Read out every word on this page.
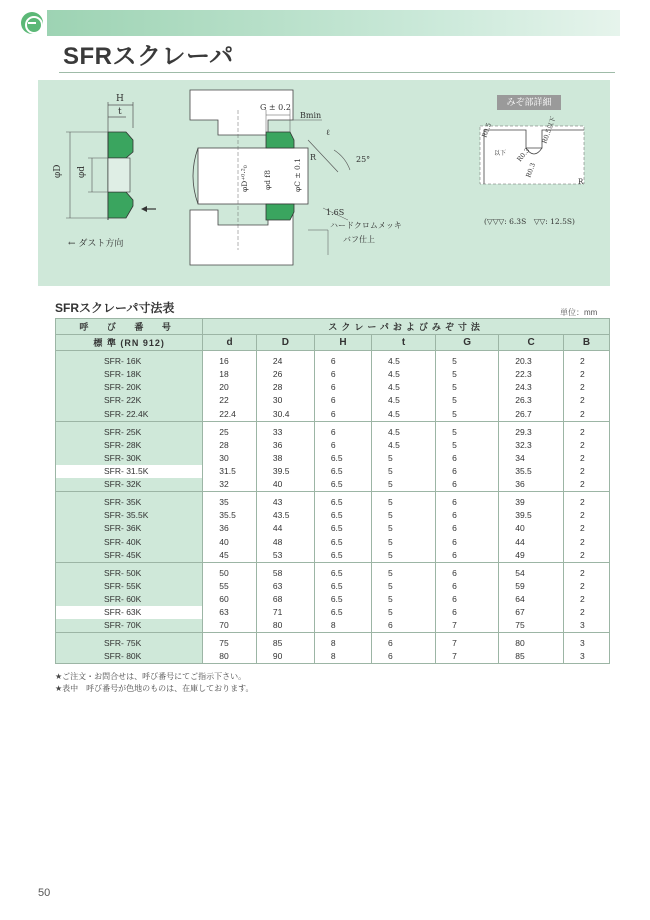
SFRスクレーパ
H
t
φD φd
← ダスト方向
G ± 0.2
Bmin
ℓ
R	25°
φD⁺⁰⋅²₀ φd f8	φC ± 0.1
1.6S
ハードクロムメッキ
バフ仕上
R0.5	R0.5以下
R0.3
R0.3
以下
R
(▽▽▽: 6.3S　▽▽: 12.5S)
みぞ部詳細
SFRスクレーパ寸法表	単位：mm
呼 び 番 号	スクレーパおよびみぞ寸法						
標 準 (RN 912)	d	D	H	t	G	C	B
SFR- 16K	16	24	6	4.5	5	20.3	2
SFR- 18K	18	26	6	4.5	5	22.3	2
SFR- 20K	20	28	6	4.5	5	24.3	2
SFR- 22K	22	30	6	4.5	5	26.3	2
SFR- 22.4K	22.4	30.4	6	4.5	5	26.7	2
SFR- 25K	25	33	6	4.5	5	29.3	2
SFR- 28K	28	36	6	4.5	5	32.3	2
SFR- 30K	30	38	6.5	5	6	34	2
SFR- 31.5K	31.5	39.5	6.5	5	6	35.5	2
SFR- 32K	32	40	6.5	5	6	36	2
SFR- 35K	35	43	6.5	5	6	39	2
SFR- 35.5K	35.5	43.5	6.5	5	6	39.5	2
SFR- 36K	36	44	6.5	5	6	40	2
SFR- 40K	40	48	6.5	5	6	44	2
SFR- 45K	45	53	6.5	5	6	49	2
SFR- 50K	50	58	6.5	5	6	54	2
SFR- 55K	55	63	6.5	5	6	59	2
SFR- 60K	60	68	6.5	5	6	64	2
SFR- 63K	63	71	6.5	5	6	67	2
SFR- 70K	70	80	8	6	7	75	3
SFR- 75K	75	85	8	6	7	80	3
SFR- 80K	80	90	8	6	7	85	3
★ご注文・お問合せは、呼び番号にてご指示下さい。
★表中　呼び番号が色地のものは、在庫しております。
50
